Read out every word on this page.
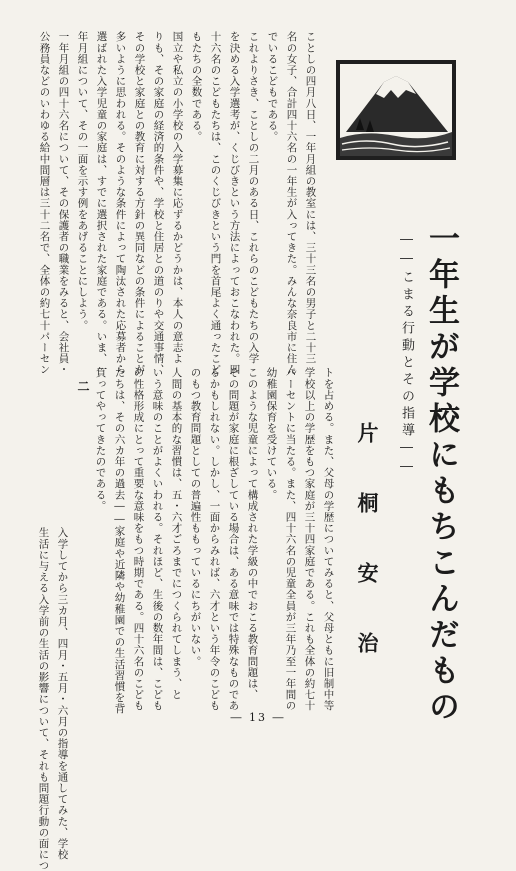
ことしの四月八日、一年月組の教室には、三十三名の男子と二十三
名の女子、合計四十六名の一年生が入ってきた。みんな奈良市に住ん
でいるこどもである。
これよりさき、ことしの二月のある日、これらのこどもたちの入学
を決める入学選考が、くじびきという方法によっておこなわれた。四
十六名のこどもたちは、このくじびきという門を首尾よく通ったこど
もたちの全数である。
国立や私立の小学校の入学募集に応ずるかどうかは、本人の意志よ
りも、その家庭の経済的条件や、学校と住居との道のりや交通事情、
その学校と家庭との教育に対する方針の異同などの条件によることが
多いように思われる。そのような条件によって陶汰された応募者から
選ばれた入学児童の家庭は、すでに選択された家庭である。いま、一
年月組について、その一面を示す例をあげることにしよう。
一年月組の四十六名について、その保護者の職業をみると、会社員・
公務員などのいわゆる給中間層は三十二名で、全体の約七十パーセン
一年生が学校にもちこんだもの
――こまる行動とその指導――
片　桐　安　治
トを占める。また、父母の学歴についてみると、父母ともに旧制中等
学校以上の学歴をもつ家庭が三十四家庭である。これも全体の約七十
パーセントに当たる。また、四十六名の児童全員が三年乃至一年間の
幼稚園保育を受けている。
このような児童によって構成された学級の中でおこる教育問題は、
その問題が家庭に根ざしている場合は、ある意味では特殊なものであ
るかもしれない。しかし、一面からみれば、六才という年令のこども
のもつ教育問題としての普遍性ももっているにちがいない。
人間の基本的な習慣は、五・六才ごろまでにつくられてしまう、と
いう意味のことがよくいわれる。それほど、生後の数年間は、こども
の性格形成にとって重要な意味をもつ時期である。四十六名のこども
たちは、その六カ年の過去――家庭や近隣や幼稚園での生活習慣を背
負ってやってきたのである。
二
入学してから三カ月、四月・五月・六月の指導を通してみた、学校
生活に与える入学前の生活の影響について、それも問題行動の面につ	― 13 ―
